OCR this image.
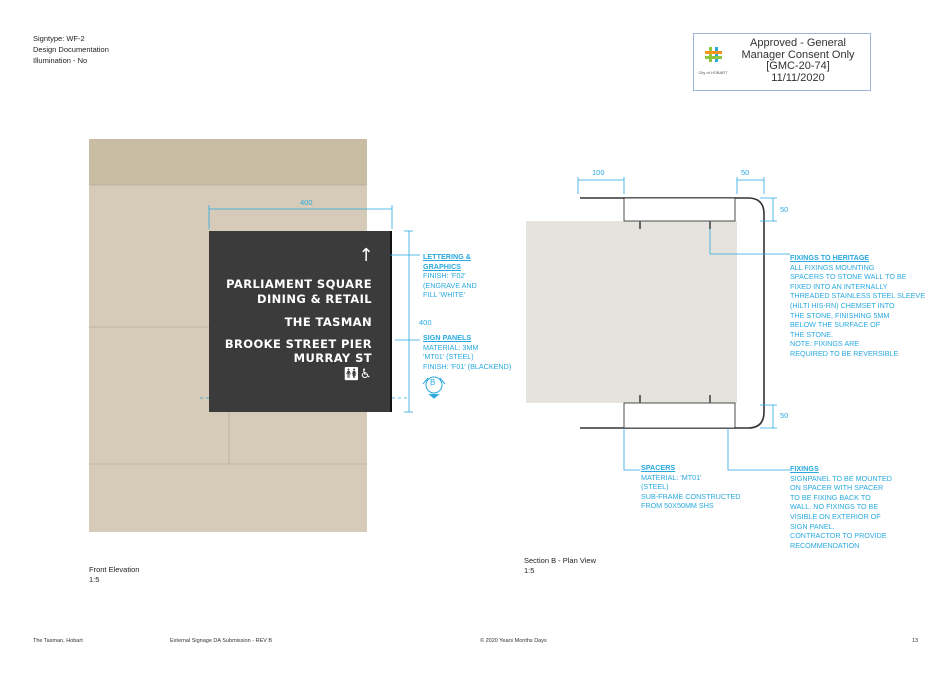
Signtype: WF-2
Design Documentation
Illumination - No
City of HOBART
Approved - General
Manager Consent Only
[GMC-20-74]
11/11/2020
↑
PARLIAMENT SQUARE
DINING & RETAIL
THE TASMAN
BROOKE STREET PIER
MURRAY ST
🚻︎♿︎
B
400
400
100	50
50
50
LETTERING &
GRAPHICS
FINISH: 'F02'
(ENGRAVE AND
FILL 'WHITE'
SIGN PANELS
MATERIAL: 3MM
'MT01' (STEEL)
FINISH: 'F01' (BLACKEND)
FIXINGS TO HERITAGE
ALL FIXINGS MOUNTING
SPACERS TO STONE WALL TO BE
FIXED INTO AN INTERNALLY
THREADED STAINLESS STEEL SLEEVE
(HILTI HIS-RN) CHEMSET INTO
THE STONE, FINISHING 5MM
BELOW THE SURFACE OF
THE STONE.
NOTE: FIXINGS ARE
REQUIRED TO BE REVERSIBLE
SPACERS
MATERIAL: 'MT01'
(STEEL)
SUB-FRAME CONSTRUCTED
FROM 50X50MM SHS
FIXINGS
SIGNPANEL TO BE MOUNTED
ON SPACER WITH SPACER
TO BE FIXING BACK TO
WALL. NO FIXINGS TO BE
VISIBLE ON EXTERIOR OF
SIGN PANEL.
CONTRACTOR TO PROVIDE
RECOMMENDATION
Front Elevation
1:5
Section B - Plan View
1:5
The Tasman, Hobart	External Signage DA Submission - REV B	© 2020 Years Months Days	13
